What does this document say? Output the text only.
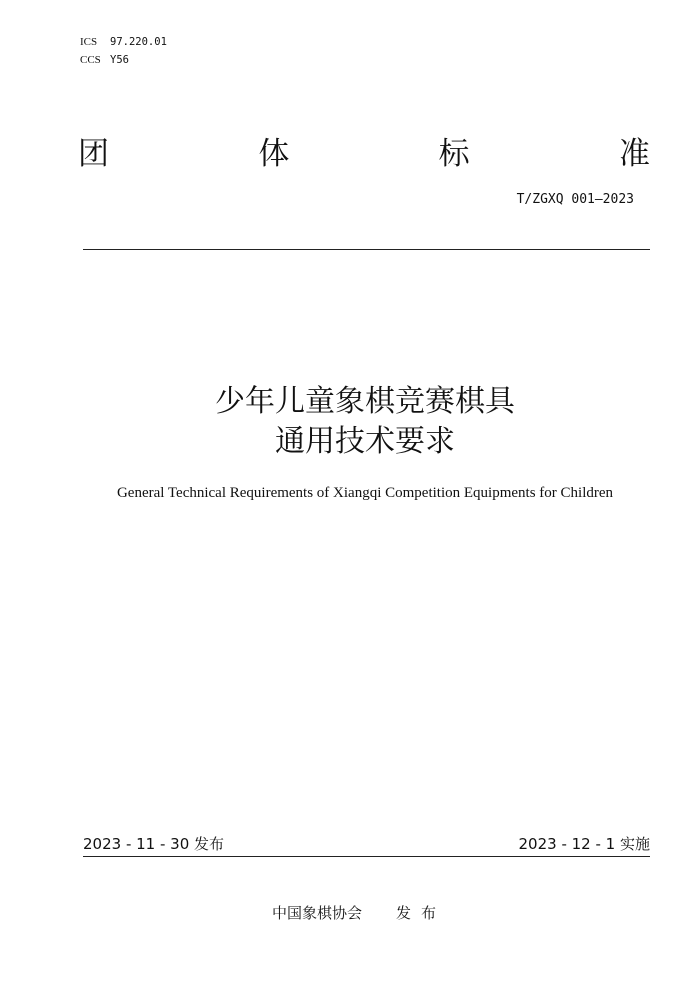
ICS 97.220.01
CCS Y56
团	体	标	准
T/ZGXQ 001—2023
少年儿童象棋竞赛棋具
通用技术要求
General Technical Requirements of Xiangqi Competition Equipments for Children
2023 - 11 - 30 发布	2023 - 12 - 1 实施
中国象棋协会 发布
